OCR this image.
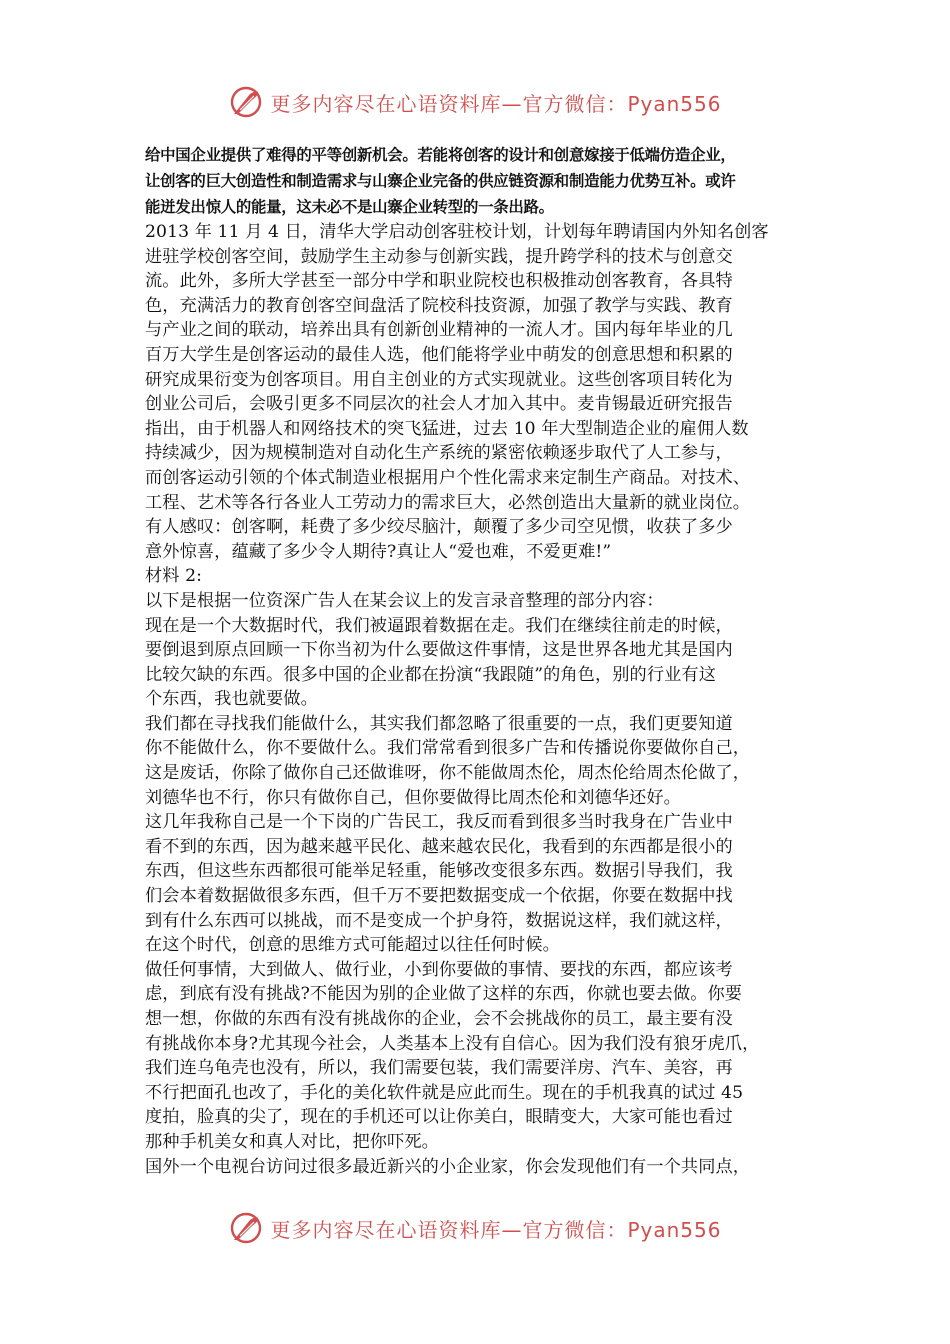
更多内容尽在心语资料库—官方微信：Pyan556

给中国企业提供了难得的平等创新机会。若能将创客的设计和创意嫁接于低端仿造企业，

让创客的巨大创造性和制造需求与山寨企业完备的供应链资源和制造能力优势互补。或许

能迸发出惊人的能量，这未必不是山寨企业转型的一条出路。

2013 年 11 月 4 日，清华大学启动创客驻校计划，计划每年聘请国内外知名创客

进驻学校创客空间，鼓励学生主动参与创新实践，提升跨学科的技术与创意交

流。此外，多所大学甚至一部分中学和职业院校也积极推动创客教育，各具特

色，充满活力的教育创客空间盘活了院校科技资源，加强了教学与实践、教育

与产业之间的联动，培养出具有创新创业精神的一流人才。国内每年毕业的几

百万大学生是创客运动的最佳人选，他们能将学业中萌发的创意思想和积累的

研究成果衍变为创客项目。用自主创业的方式实现就业。这些创客项目转化为

创业公司后，会吸引更多不同层次的社会人才加入其中。麦肯锡最近研究报告

指出，由于机器人和网络技术的突飞猛进，过去 10 年大型制造企业的雇佣人数

持续减少，因为规模制造对自动化生产系统的紧密依赖逐步取代了人工参与，

而创客运动引领的个体式制造业根据用户个性化需求来定制生产商品。对技术、

工程、艺术等各行各业人工劳动力的需求巨大，必然创造出大量新的就业岗位。

有人感叹：创客啊，耗费了多少绞尽脑汁，颠覆了多少司空见惯，收获了多少

意外惊喜，蕴藏了多少令人期待?真让人“爱也难，不爱更难!”

材料 2:

以下是根据一位资深广告人在某会议上的发言录音整理的部分内容：

现在是一个大数据时代，我们被逼跟着数据在走。我们在继续往前走的时候，

要倒退到原点回顾一下你当初为什么要做这件事情，这是世界各地尤其是国内

比较欠缺的东西。很多中国的企业都在扮演“我跟随”的角色，别的行业有这

个东西，我也就要做。

我们都在寻找我们能做什么，其实我们都忽略了很重要的一点，我们更要知道

你不能做什么，你不要做什么。我们常常看到很多广告和传播说你要做你自己，

这是废话，你除了做你自己还做谁呀，你不能做周杰伦，周杰伦给周杰伦做了，

刘德华也不行，你只有做你自己，但你要做得比周杰伦和刘德华还好。

这几年我称自己是一个下岗的广告民工，我反而看到很多当时我身在广告业中

看不到的东西，因为越来越平民化、越来越农民化，我看到的东西都是很小的

东西，但这些东西都很可能举足轻重，能够改变很多东西。数据引导我们，我

们会本着数据做很多东西，但千万不要把数据变成一个依据，你要在数据中找

到有什么东西可以挑战，而不是变成一个护身符，数据说这样，我们就这样，

在这个时代，创意的思维方式可能超过以往任何时候。

做任何事情，大到做人、做行业，小到你要做的事情、要找的东西，都应该考

虑，到底有没有挑战?不能因为别的企业做了这样的东西，你就也要去做。你要

想一想，你做的东西有没有挑战你的企业，会不会挑战你的员工，最主要有没

有挑战你本身?尤其现今社会，人类基本上没有自信心。因为我们没有狼牙虎爪，

我们连乌龟壳也没有，所以，我们需要包装，我们需要洋房、汽车、美容，再

不行把面孔也改了，手化的美化软件就是应此而生。现在的手机我真的试过 45

度拍，脸真的尖了，现在的手机还可以让你美白，眼睛变大，大家可能也看过

那种手机美女和真人对比，把你吓死。

国外一个电视台访问过很多最近新兴的小企业家，你会发现他们有一个共同点，

更多内容尽在心语资料库—官方微信：Pyan556
